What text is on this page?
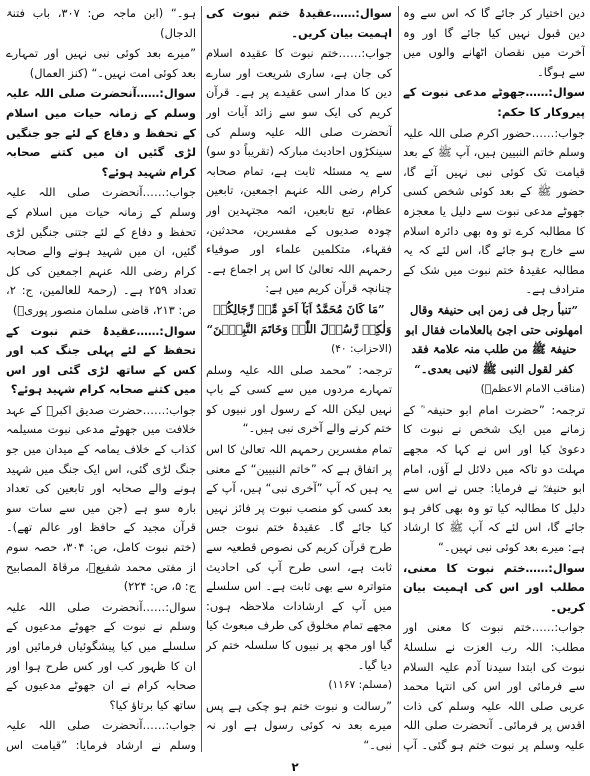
دین اختیار کر جائے گا کہ اس سے وہ دین قبول نہیں کیا جائے گا اور وہ آخرت میں نقصان اٹھانے والوں میں سے ہوگا۔

سوال:……جھوٹے مدعی نبوت کے پیروکار کا حکم:

جواب:……حضور اکرم صلی اللہ علیہ وسلم خاتم النبیین ہیں، آپ ﷺ کے بعد قیامت تک کوئی نبی نہیں آئے گا، حضور ﷺ کے بعد کوئی شخص کسی جھوٹے مدعی نبوت سے دلیل یا معجزہ کا مطالبہ کرے تو وہ بھی دائرہ اسلام سے خارج ہو جائے گا، اس لئے کہ یہ مطالبہ عقیدۂ ختم نبوت میں شک کے مترادف ہے۔

”تنبأ رجل فی زمن ابی حنیفۃ وقال امھلونی حتی اجئ بالعلامات فقال ابو حنیفۃ ﷺ من طلب منہ علامۃ فقد کفر لقول النبی ﷺ لانبی بعدی۔“

(مناقب الامام الاعظمؒ)

ترجمہ: ”حضرت امام ابو حنیفہ ؒ کے زمانے میں ایک شخص نے نبوت کا دعویٰ کیا اور اس نے کہا کہ مجھے مہلت دو تاکہ میں دلائل لے آؤں، امام ابو حنیفہؒ نے فرمایا: جس نے اس سے دلیل کا مطالبہ کیا تو وہ بھی کافر ہو جائے گا، اس لئے کہ آپ ﷺ کا ارشاد ہے: میرے بعد کوئی نبی نہیں۔“

سوال:……ختم نبوت کا معنی، مطلب اور اس کی اہمیت بیان کریں۔

جواب:……ختم نبوت کا معنی اور مطلب: اللہ رب العزت نے سلسلۂ نبوت کی ابتدا سیدنا آدم علیہ السلام سے فرمائی اور اس کی انتہا محمد عربی صلی اللہ علیہ وسلم کی ذات اقدس پر فرمائی۔ آنحضرت صلی اللہ علیہ وسلم پر نبوت ختم ہو گئی۔ آپ

سوال:……عقیدۂ ختم نبوت کی اہمیت بیان کریں۔

جواب:……ختم نبوت کا عقیدہ اسلام کی جان ہے، ساری شریعت اور سارے دین کا مدار اسی عقیدے پر ہے۔ قرآن کریم کی ایک سو سے زائد آیات اور آنحضرت صلی اللہ علیہ وسلم کی سینکڑوں احادیث مبارکہ (تقریباً دو سو) سے یہ مسئلہ ثابت ہے، تمام صحابہ کرام رضی اللہ عنہم اجمعین، تابعین عظام، تبع تابعین، ائمہ مجتہدین اور چودہ صدیوں کے مفسرین، محدثین، فقہاء، متکلمین علماء اور صوفیاء رحمہم اللہ تعالیٰ کا اس پر اجماع ہے۔ چنانچہ قرآن کریم میں ہے:

”مَا کَانَ مُحَمَّدٌ اَبَآ اَحَدٍ مِّنۡ رِّجَالِکُمۡ وَلٰکِنۡ رَّسُوۡلَ اللّٰہِ وَخَاتَمَ النَّبِیّٖنَ“

(الاحزاب: ۴۰)

ترجمہ: ”محمد صلی اللہ علیہ وسلم تمہارے مردوں میں سے کسی کے باپ نہیں لیکن اللہ کے رسول اور نبیوں کو ختم کرنے والے آخری نبی ہیں۔“

تمام مفسرین رحمہم اللہ تعالیٰ کا اس پر اتفاق ہے کہ ”خاتم النبیین“ کے معنی یہ ہیں کہ آپ ”آخری نبی“ ہیں، آپ کے بعد کسی کو منصب نبوت پر فائز نہیں کیا جائے گا۔ عقیدۂ ختم نبوت جس طرح قرآن کریم کی نصوص قطعیہ سے ثابت ہے، اسی طرح آپ کی احادیث متواترہ سے بھی ثابت ہے۔ اس سلسلے میں آپ کے ارشادات ملاحظہ ہوں: مجھے تمام مخلوق کی طرف مبعوث کیا گیا اور مجھ پر نبیوں کا سلسلہ ختم کر دیا گیا۔

(مسلم: ۱۱۶۷)

”رسالت و نبوت ختم ہو چکی ہے پس میرے بعد نہ کوئی رسول ہے اور نہ نبی۔“

ہو۔“ (ابن ماجہ ص: ۳۰۷، باب فتنۃ الدجال)

”میرے بعد کوئی نبی نہیں اور تمہارے بعد کوئی امت نہیں۔“ (کنز العمال)

سوال:……آنحضرت صلی اللہ علیہ وسلم کے زمانہ حیات میں اسلام کے تحفظ و دفاع کے لئے جو جنگیں لڑی گئیں ان میں کتنے صحابہ کرام شہید ہوئے؟

جواب:……آنحضرت صلی اللہ علیہ وسلم کے زمانہ حیات میں اسلام کے تحفظ و دفاع کے لئے جتنی جنگیں لڑی گئیں، ان میں شہید ہونے والے صحابہ کرام رضی اللہ عنہم اجمعین کی کل تعداد ۲۵۹ ہے۔ (رحمۃ للعالمین، ج: ۲، ص: ۲۱۳، قاضی سلمان منصور پوریؒ)

سوال:……عقیدۂ ختم نبوت کے تحفظ کے لئے پہلی جنگ کب اور کس کے ساتھ لڑی گئی اور اس میں کتنے صحابہ کرام شہید ہوئے؟

جواب:……حضرت صدیق اکبرؓ کے عہد خلافت میں جھوٹے مدعی نبوت مسیلمہ کذاب کے خلاف یمامہ کے میدان میں جو جنگ لڑی گئی، اس ایک جنگ میں شہید ہونے والے صحابہ اور تابعین کی تعداد بارہ سو ہے (جن میں سے سات سو قرآن مجید کے حافظ اور عالم تھے)۔ (ختم نبوت کامل، ص: ۳۰۴، حصہ سوم از مفتی محمد شفیعؒ، مرقاۃ المصابیح ج: ۵، ص: ۲۲۴)

سوال:……آنحضرت صلی اللہ علیہ وسلم نے نبوت کے جھوٹے مدعیوں کے سلسلے میں کیا پیشگوئیاں فرمائیں اور ان کا ظہور کب اور کس طرح ہوا اور صحابہ کرام نے ان جھوٹے مدعیوں کے ساتھ کیا برتاؤ کیا؟

جواب:……آنحضرت صلی اللہ علیہ وسلم نے ارشاد فرمایا: ”قیامت اس

۲
